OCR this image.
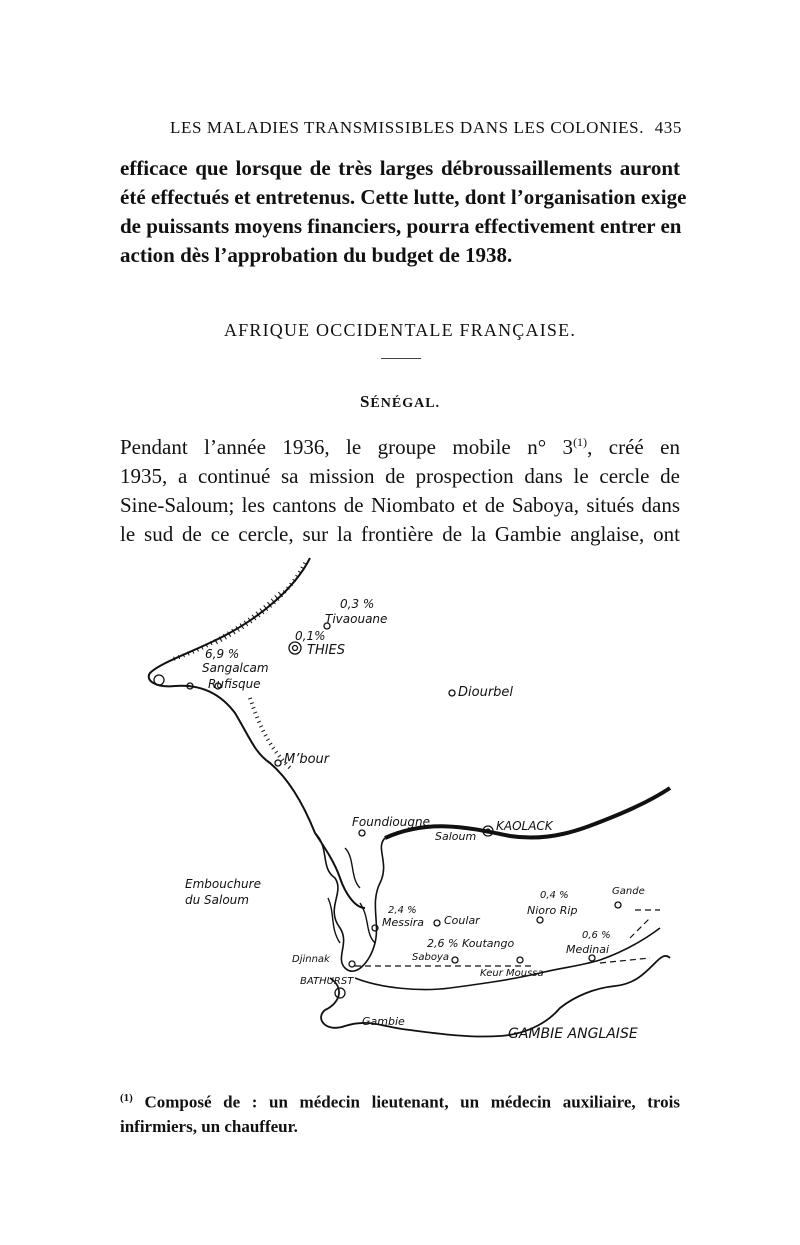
LES MALADIES TRANSMISSIBLES DANS LES COLONIES. 435
efficace que lorsque de très larges débroussaillements auront
été effectués et entretenus. Cette lutte, dont l’organisation exige
de puissants moyens financiers, pourra effectivement entrer en
action dès l’approbation du budget de 1938.
AFRIQUE OCCIDENTALE FRANÇAISE.
SÉNÉGAL.
Pendant l’année 1936, le groupe mobile n° 3$^{(1)}$, créé en
1935, a continué sa mission de prospection dans le cercle de
Sine-Saloum; les cantons de Niombato et de Saboya, situés dans
le sud de ce cercle, sur la frontière de la Gambie anglaise, ont
0,3 %
Tivaouane
0,1%
THIES
6,9 %
Sangalcam
Rufisque
Diourbel
M’bour
Foundiougne
Saloum
KAOLACK
Embouchure
du Saloum
2,4 %
Messira Coular
0,4 %
Nioro Rip
Gande
2,6 % Koutango
Saboya
0,6 %
Medinai
Djinnak
Keur Moussa
BATHURST
Gambie
GAMBIE ANGLAISE
$^{(1)}$ Composé de : un médecin lieutenant, un médecin auxiliaire, trois
infirmiers, un chauffeur.
